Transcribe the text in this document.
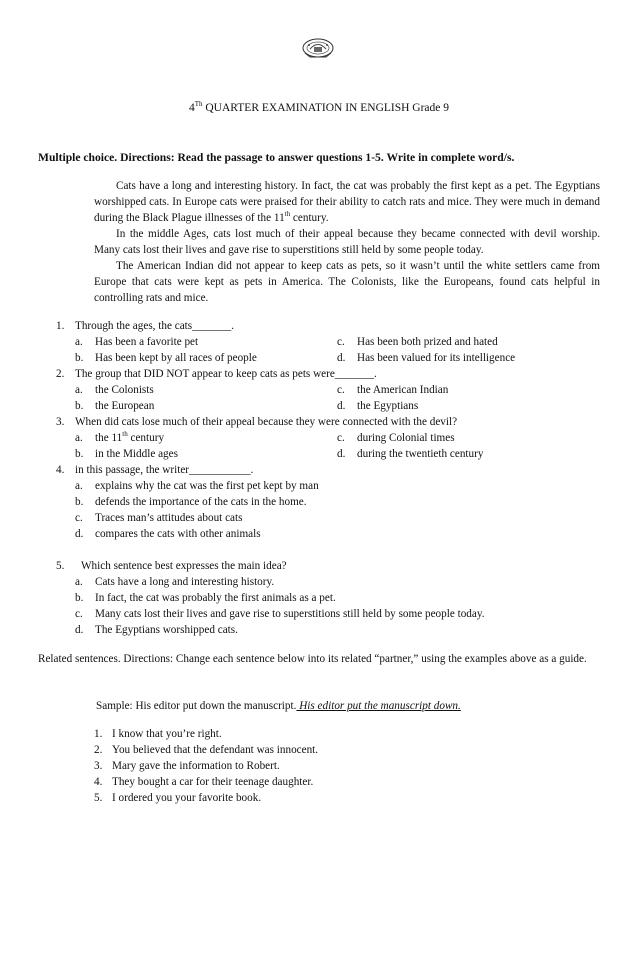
4Th QUARTER EXAMINATION IN ENGLISH Grade 9
Multiple choice. Directions: Read the passage to answer questions 1-5. Write in complete word/s.

Cats have a long and interesting history. In fact, the cat was probably the first kept as a pet. The Egyptians worshipped cats. In Europe cats were praised for their ability to catch rats and mice. They were much in demand during the Black Plague illnesses of the 11th century.

In the middle Ages, cats lost much of their appeal because they became connected with devil worship. Many cats lost their lives and gave rise to superstitions still held by some people today.

The American Indian did not appear to keep cats as pets, so it wasn’t until the white settlers came from Europe that cats were kept as pets in America. The Colonists, like the Europeans, found cats helpful in controlling rats and mice.

1. Through the ages, the cats_______.
a.	Has been a favorite pet	c.	Has been both prized and hated
b.	Has been kept by all races of people	d.	Has been valued for its intelligence
2. The group that DID NOT appear to keep cats as pets were_______.
a.	the Colonists	c.	the American Indian
b.	the European	d.	the Egyptians
3. When did cats lose much of their appeal because they were connected with the devil?
a.	the 11th century	c.	during Colonial times
b.	in the Middle ages	d.	during the twentieth century
4. in this passage, the writer___________.
a.	explains why the cat was the first pet kept by man
b.	defends the importance of the cats in the home.
c.	Traces man’s attitudes about cats
d.	compares the cats with other animals
5.	Which sentence best expresses the main idea?
a.	Cats have a long and interesting history.
b.	In fact, the cat was probably the first animals as a pet.
c.	Many cats lost their lives and gave rise to superstitions still held by some people today.
d.	The Egyptians worshipped cats.
Related sentences. Directions: Change each sentence below into its related “partner,” using the examples above as a guide.
Sample: His editor put down the manuscript. His editor put the manuscript down.
1. I know that you’re right.
2. You believed that the defendant was innocent.
3. Mary gave the information to Robert.
4. They bought a car for their teenage daughter.
5. I ordered you your favorite book.
